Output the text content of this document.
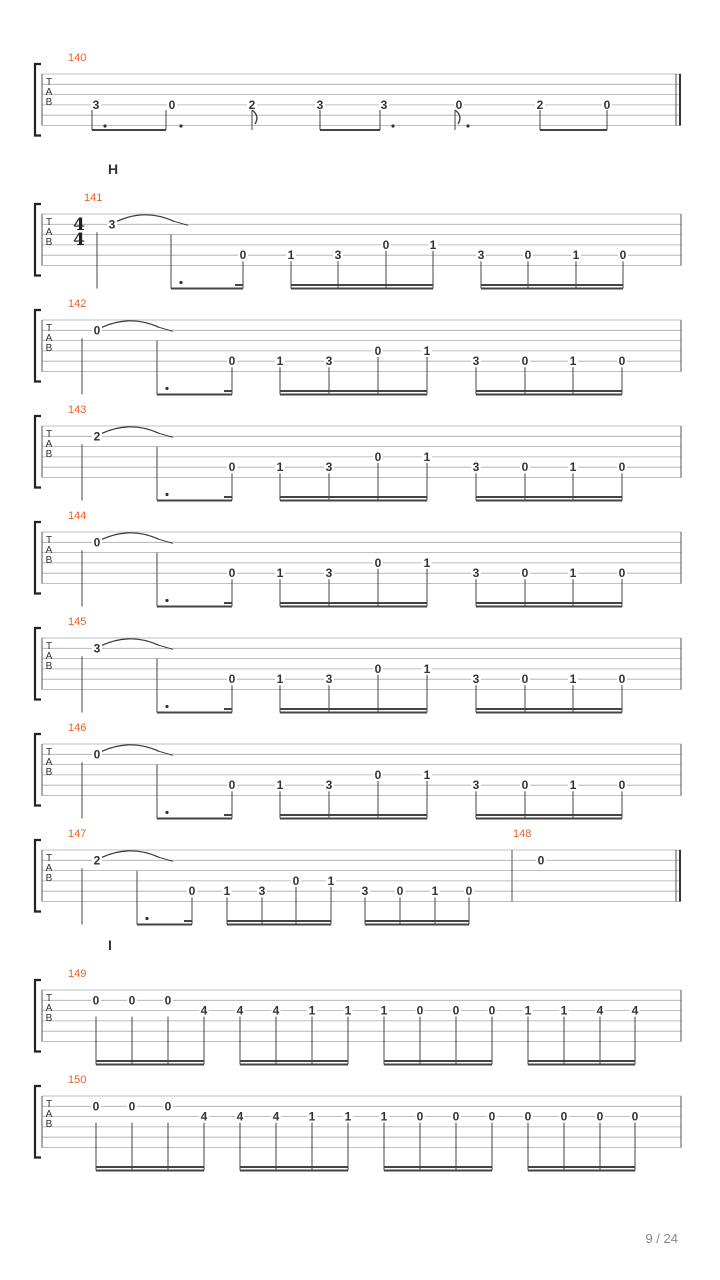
T
A
B
140
3	0	2	3	3	0	2	0
H
T
A
B
141
4
4
3
0	1	3
0	1
3	0	1	0
T
A
B
142
0
0	1	3
0	1
3	0	1	0
T
A
B
143
2
0	1	3
0	1
3	0	1	0
T
A
B
144
0
0	1	3
0	1
3	0	1	0
T
A
B
145
3
0	1	3
0	1
3	0	1	0
T
A
B
146
0
0	1	3
0	1
3	0	1	0
T
A
B
147
2
0 1 3
0 1
3 0 1 0
148
0
I
T
A
B
149
0 0 0
4 4 4 1 1 1 0 0 0 1 1 4 4
T
A
B
150
0 0 0
4 4 4 1 1 1 0 0 0 0 0 0 0
9 / 24
